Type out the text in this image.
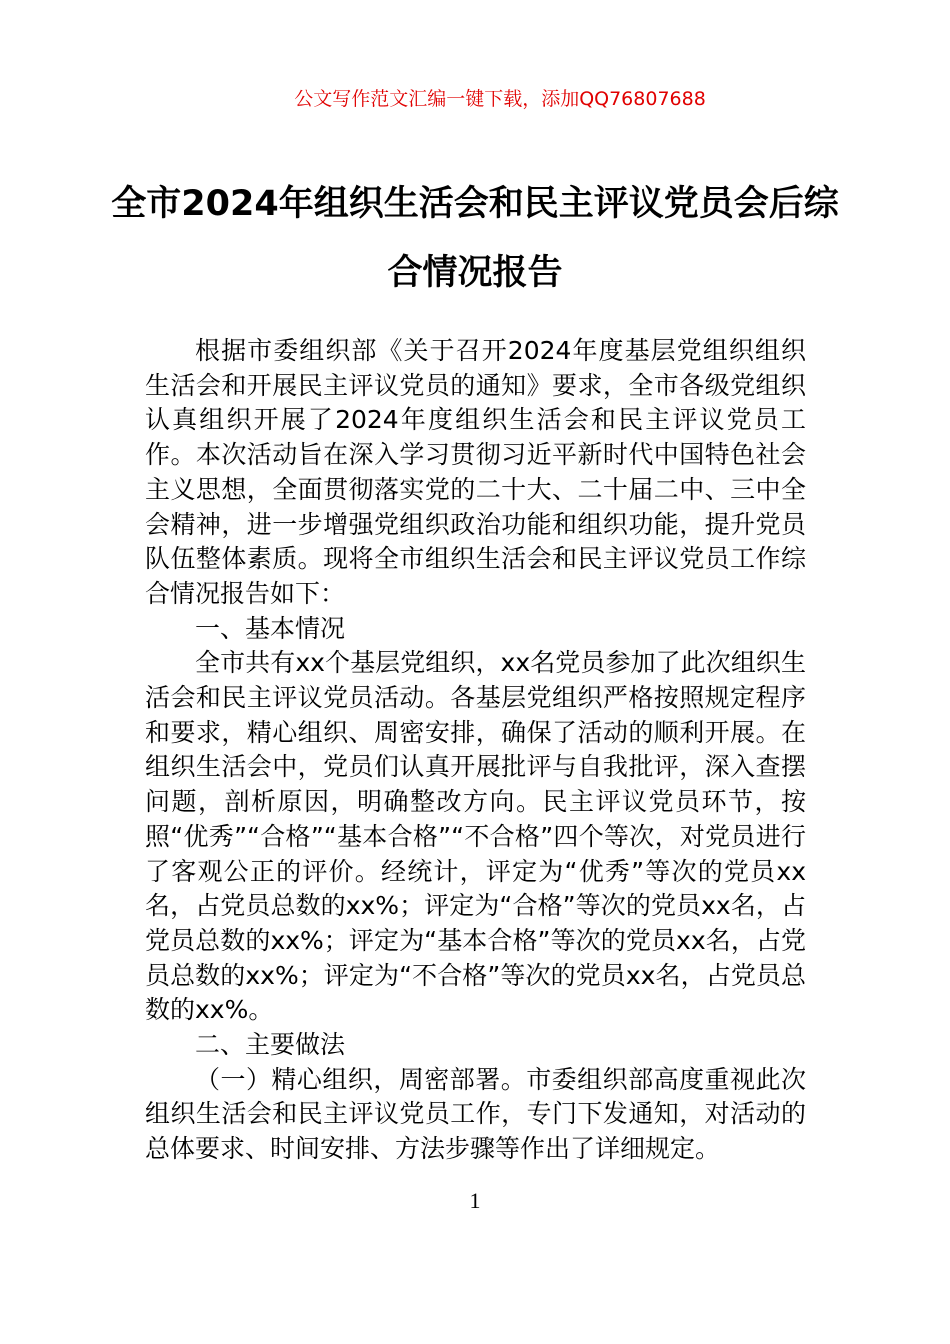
公文写作范文汇编一键下载，添加QQ76807688
全市2024年组织生活会和民主评议党员会后综合情况报告

根据市委组织部《关于召开2024年度基层党组织组织生活会和开展民主评议党员的通知》要求，全市各级党组织认真组织开展了2024年度组织生活会和民主评议党员工作。本次活动旨在深入学习贯彻习近平新时代中国特色社会主义思想，全面贯彻落实党的二十大、二十届二中、三中全会精神，进一步增强党组织政治功能和组织功能，提升党员队伍整体素质。现将全市组织生活会和民主评议党员工作综合情况报告如下：

一、基本情况

全市共有xx个基层党组织，xx名党员参加了此次组织生活会和民主评议党员活动。各基层党组织严格按照规定程序和要求，精心组织、周密安排，确保了活动的顺利开展。在组织生活会中，党员们认真开展批评与自我批评，深入查摆问题，剖析原因，明确整改方向。民主评议党员环节，按照“优秀”“合格”“基本合格”“不合格”四个等次，对党员进行了客观公正的评价。经统计，评定为“优秀”等次的党员xx名，占党员总数的xx%；评定为“合格”等次的党员xx名，占党员总数的xx%；评定为“基本合格”等次的党员xx名，占党员总数的xx%；评定为“不合格”等次的党员xx名，占党员总数的xx%。

二、主要做法

（一）精心组织，周密部署。市委组织部高度重视此次组织生活会和民主评议党员工作，专门下发通知，对活动的总体要求、时间安排、方法步骤等作出了详细规定。

1
